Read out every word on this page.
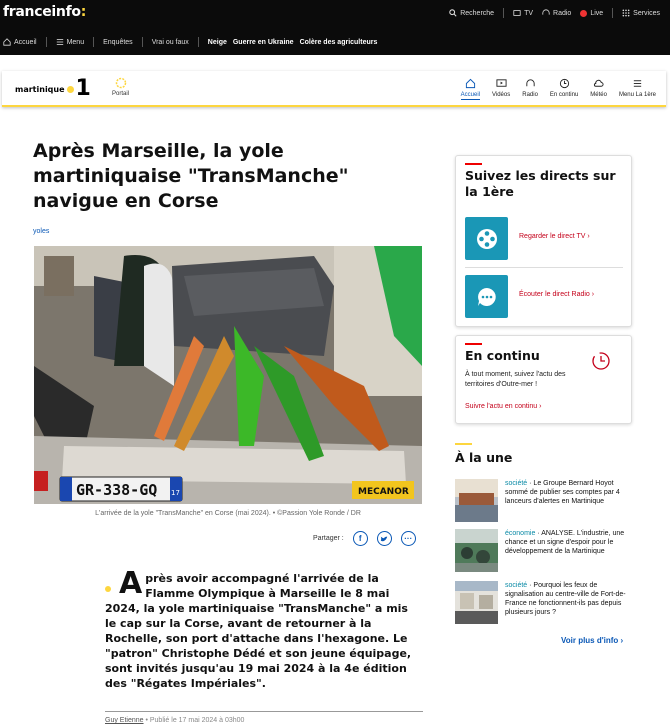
franceinfo:	Recherche	TV	Radio	Live	Services
Accueil	Menu	Enquêtes	Vrai ou faux	Neige Guerre en Ukraine Colère des agriculteurs
martinique 1	Portail	Accueil Vidéos Radio En continu Météo Menu La 1ère
Après Marseille, la yole martiniquaise "TransManche" navigue en Corse
yoles
GR-338-GQ 17	MECANOR
L'arrivée de la yole "TransManche" en Corse (mai 2024). • ©Passion Yole Ronde / DR
Partager : f	···
A près avoir accompagné l'arrivée de la Flamme Olympique à Marseille le 8 mai 2024, la yole martiniquaise "TransManche" a mis le cap sur la Corse, avant de retourner à la Rochelle, son port d'attache dans l'hexagone. Le "patron" Christophe Dédé et son jeune équipage, sont invités jusqu'au 19 mai 2024 à la 4e édition des "Régates Impériales".
Guy Etienne • Publié le 17 mai 2024 à 03h00
Suivez les directs sur la 1ère
Regarder le direct TV ›
Écouter le direct Radio ›
En continu
À tout moment, suivez l'actu des territoires d'Outre-mer !
Suivre l'actu en continu ›
À la une
société · Le Groupe Bernard Hoyot sommé de publier ses comptes par 4 lanceurs d'alertes en Martinique
économie · ANALYSE. L'industrie, une chance et un signe d'espoir pour le développement de la Martinique
société · Pourquoi les feux de signalisation au centre-ville de Fort-de-France ne fonctionnent-ils pas depuis plusieurs jours ?
Voir plus d'info ›
